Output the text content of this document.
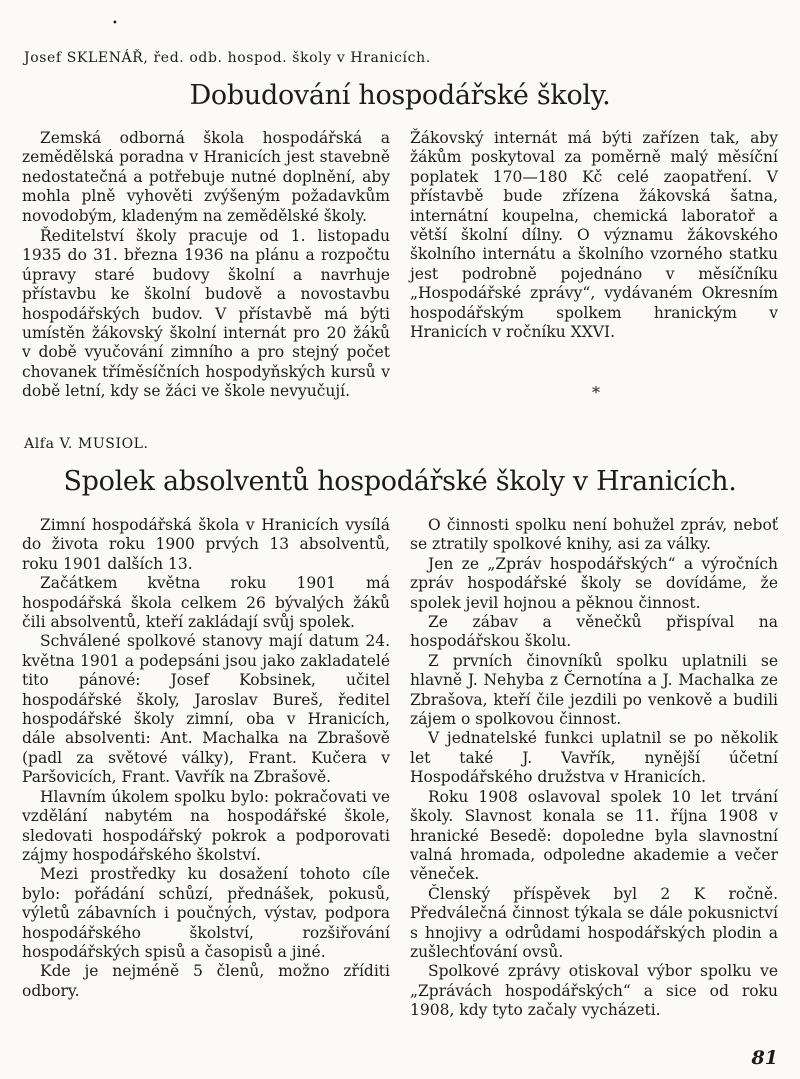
•
Josef SKLENÁŘ, řed. odb. hospod. školy v Hranicích.
Dobudování hospodářské školy.

Zemská odborná škola hospodářská a zemědělská poradna v Hranicích jest stavebně nedostatečná a potřebuje nutné doplnění, aby mohla plně vyhověti zvýšeným požadavkům novodobým, kladeným na zemědělské školy.

Ředitelství školy pracuje od 1. listopadu 1935 do 31. března 1936 na plánu a rozpočtu úpravy staré budovy školní a navrhuje přístavbu ke školní budově a novostavbu hospodářských budov. V přístavbě má býti umístěn žákovský školní internát pro 20 žáků v době vyučování zimního a pro stejný počet chovanek tříměsíčních hospodyňských kursů v době letní, kdy se žáci ve škole nevyučují.	*
Alfa V. MUSIOL.
Spolek absolventů hospodářské školy v Hranicích.

Zimní hospodářská škola v Hranicích vysílá do života roku 1900 prvých 13 absolventů, roku 1901 dalších 13.

Začátkem května roku 1901 má hospodářská škola celkem 26 bývalých žáků čili absolventů, kteří zakládají svůj spolek.

Schválené spolkové stanovy mají datum 24. května 1901 a podepsáni jsou jako zakladatelé tito pánové: Josef Kobsinek, učitel hospodářské školy, Jaroslav Bureš, ředitel hospodářské školy zimní, oba v Hranicích, dále absolventi: Ant. Machalka na Zbrašově (padl za světové války), Frant. Kučera v Paršovicích, Frant. Vavřík na Zbrašově.

Hlavním úkolem spolku bylo: pokračovati ve vzdělání nabytém na hospodářské škole, sledovati hospodářský pokrok a podporovati zájmy hospodářského školství.

Mezi prostředky ku dosažení tohoto cíle bylo: pořádání schůzí, přednášek, pokusů, výletů zábavních i poučných, výstav, podpora hospodářského školství, rozšiřování hospodářských spisů a časopisů a jiné.

Kde je nejméně 5 členů, možno zříditi odbory.

O činnosti spolku není bohužel zpráv, neboť se ztratily spolkové knihy, asi za války.

Jen ze „Zpráv hospodářských“ a výročních zpráv hospodářské školy se dovídáme, že spolek jevil hojnou a pěknou činnost.

Ze zábav a věnečků přispíval na hospodářskou školu.

Z prvních činovníků spolku uplatnili se hlavně J. Nehyba z Černotína a J. Machalka ze Zbrašova, kteří čile jezdili po venkově a budili zájem o spolkovou činnost.

V jednatelské funkci uplatnil se po několik let také J. Vavřík, nynější účetní Hospodářského družstva v Hranicích.

Roku 1908 oslavoval spolek 10 let trvání školy. Slavnost konala se 11. října 1908 v hranické Besedě: dopoledne byla slavnostní valná hromada, odpoledne akademie a večer věneček.

Členský příspěvek byl 2 K ročně. Předválečná činnost týkala se dále pokusnictví s hnojivy a odrůdami hospodářských plodin a zušlechťování ovsů.

Spolkové zprávy otiskoval výbor spolku ve „Zprávách hospodářských“ a sice od roku 1908, kdy tyto začaly vycházeti.

81

Žákovský internát má býti zařízen tak, aby žákům poskytoval za poměrně malý měsíční poplatek 170—180 Kč celé zaopatření. V přístavbě bude zřízena žákovská šatna, internátní koupelna, chemická laboratoř a větší školní dílny. O významu žákovského školního internátu a školního vzorného statku jest podrobně pojednáno v měsíčníku „Hospodářské zprávy“, vydávaném Okresním hospodářským spolkem hranickým v Hranicích v ročníku XXVI.
